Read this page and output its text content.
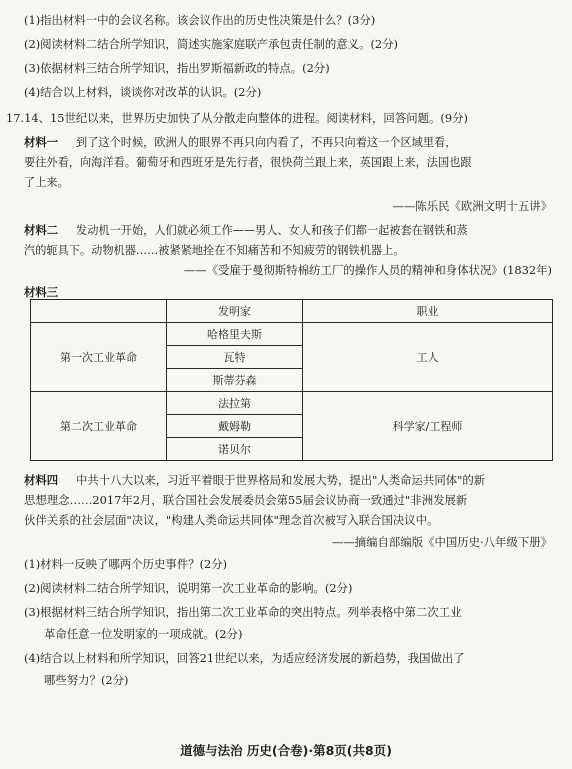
(1)指出材料一中的会议名称。该会议作出的历史性决策是什么？(3分)
(2)阅读材料二结合所学知识，简述实施家庭联产承包责任制的意义。(2分)
(3)依据材料三结合所学知识，指出罗斯福新政的特点。(2分)
(4)结合以上材料，谈谈你对改革的认识。(2分)
17.14、15世纪以来，世界历史加快了从分散走向整体的进程。阅读材料，回答问题。(9分)
材料一 到了这个时候，欧洲人的眼界不再只向内看了，不再只向着这一个区域里看，
要往外看，向海洋看。葡萄牙和西班牙是先行者，很快荷兰跟上来，英国跟上来，法国也跟
了上来。
——陈乐民《欧洲文明十五讲》
材料二 发动机一开始，人们就必须工作——男人、女人和孩子们都一起被套在钢铁和蒸
汽的轭具下。动物机器……被紧紧地拴在不知痛苦和不知疲劳的钢铁机器上。
——《受雇于曼彻斯特棉纺工厂的操作人员的精神和身体状况》(1832年)
材料三
	发明家	职业
第一次工业革命	哈格里夫斯	工人
	瓦特	
	斯蒂芬森	
第二次工业革命	法拉第	科学家/工程师
	戴姆勒	
	诺贝尔	
材料四 中共十八大以来，习近平着眼于世界格局和发展大势，提出"人类命运共同体"的新
思想理念……2017年2月，联合国社会发展委员会第55届会议协商一致通过"非洲发展新
伙伴关系的社会层面"决议，"构建人类命运共同体"理念首次被写入联合国决议中。
——摘编自部编版《中国历史·八年级下册》
(1)材料一反映了哪两个历史事件？(2分)
(2)阅读材料二结合所学知识，说明第一次工业革命的影响。(2分)
(3)根据材料三结合所学知识，指出第二次工业革命的突出特点。列举表格中第二次工业
革命任意一位发明家的一项成就。(2分)
(4)结合以上材料和所学知识，回答21世纪以来，为适应经济发展的新趋势，我国做出了
哪些努力？(2分)
道德与法治 历史(合卷)·第8页(共8页)
